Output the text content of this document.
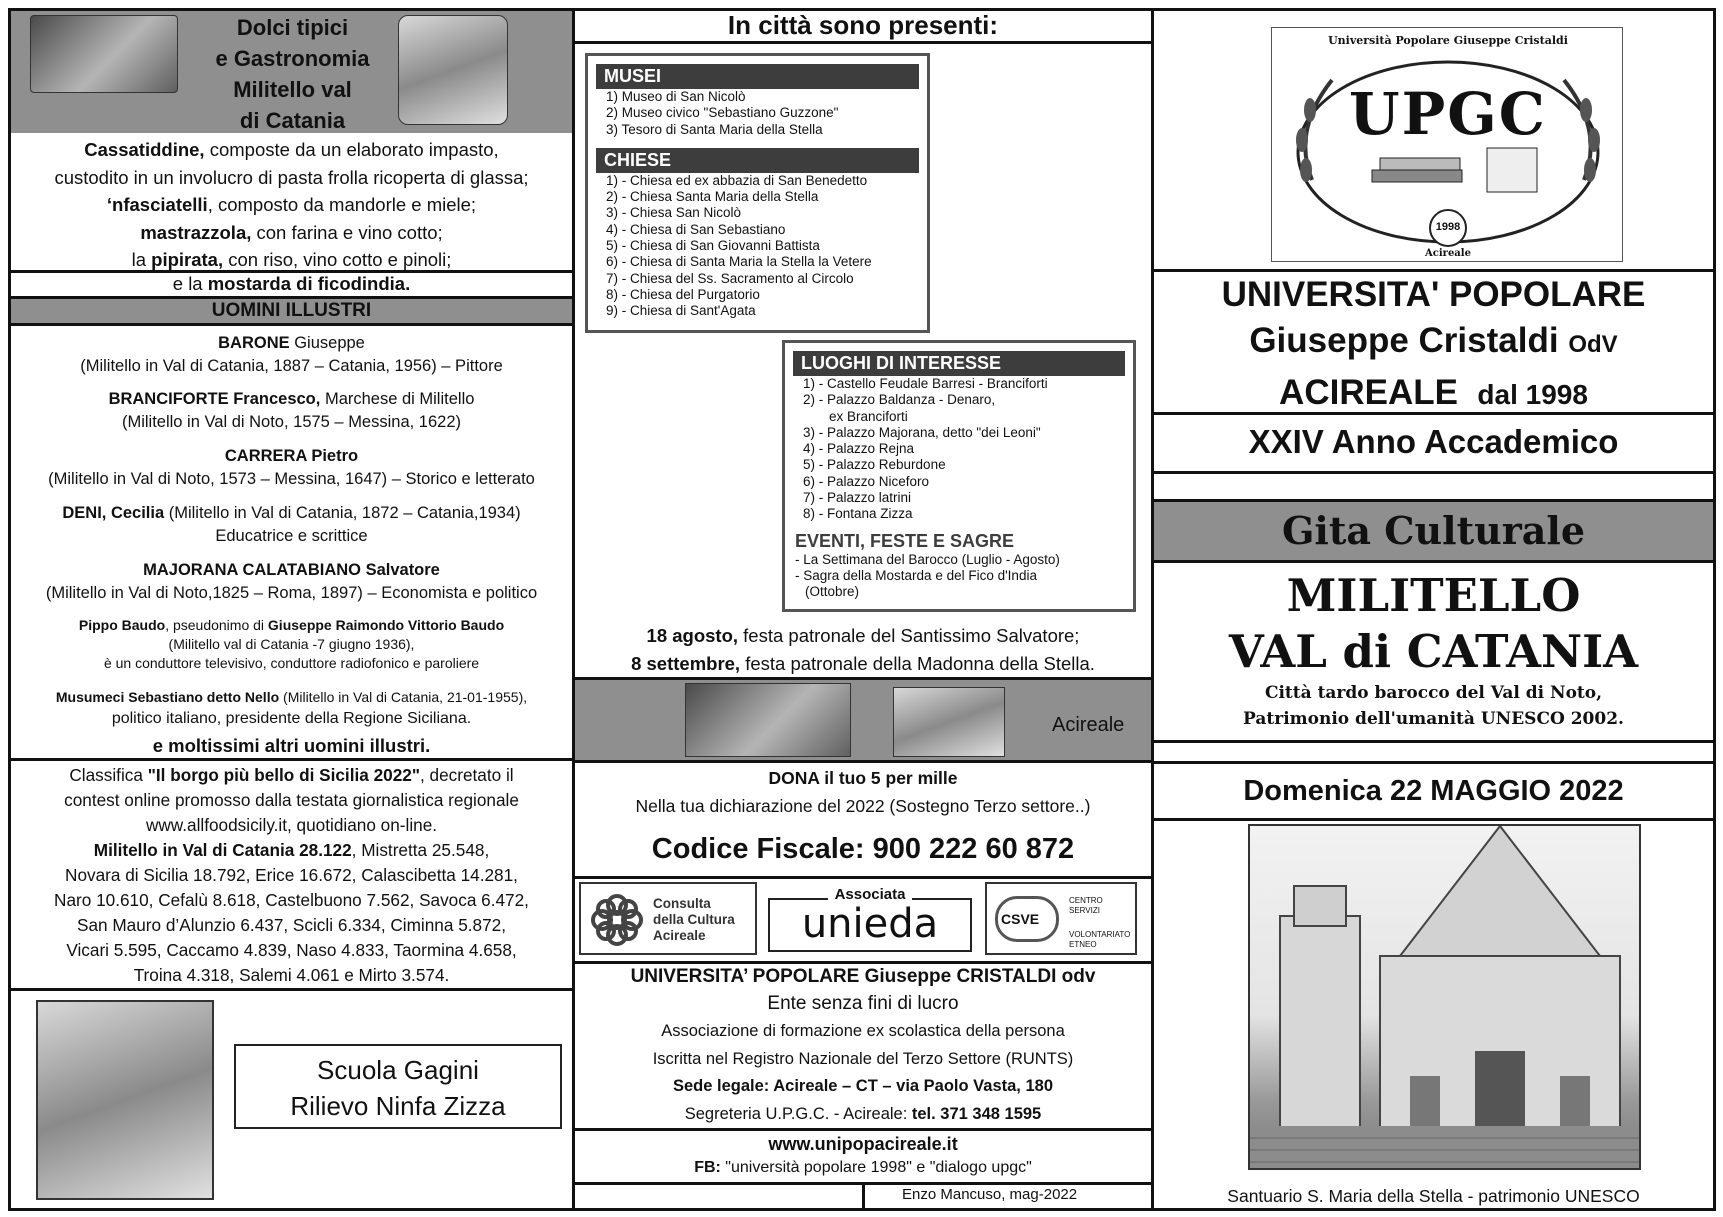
Dolci tipici
e Gastronomia
Militello val
di Catania
Cassatiddine, composte da un elaborato impasto,
custodito in un involucro di pasta frolla ricoperta di glassa;
‘nfasciatelli, composto da mandorle e miele;
mastrazzola, con farina e vino cotto;
la pipirata, con riso, vino cotto e pinoli;
e la mostarda di ficodindia.
UOMINI ILLUSTRI

BARONE Giuseppe

(Militello in Val di Catania, 1887 – Catania, 1956) – Pittore

BRANCIFORTE Francesco, Marchese di Militello

(Militello in Val di Noto, 1575 – Messina, 1622)

CARRERA Pietro

(Militello in Val di Noto, 1573 – Messina, 1647) – Storico e letterato

DENI, Cecilia (Militello in Val di Catania, 1872 – Catania,1934)

Educatrice e scrittice

MAJORANA CALATABIANO Salvatore

(Militello in Val di Noto,1825 – Roma, 1897) – Economista e politico

Pippo Baudo, pseudonimo di Giuseppe Raimondo Vittorio Baudo
(Militello val di Catania -7 giugno 1936),
è un conduttore televisivo, conduttore radiofonico e paroliere
Musumeci Sebastiano detto Nello (Militello in Val di Catania, 21-01-1955),
politico italiano, presidente della Regione Siciliana.
e moltissimi altri uomini illustri.
Classifica "Il borgo più bello di Sicilia 2022", decretato il
contest online promosso dalla testata giornalistica regionale
www.allfoodsicily.it, quotidiano on-line.
Militello in Val di Catania 28.122, Mistretta 25.548,
Novara di Sicilia 18.792, Erice 16.672, Calascibetta 14.281,
Naro 10.610, Cefalù 8.618, Castelbuono 7.562, Savoca 6.472,
San Mauro d’Alunzio 6.437, Scicli 6.334, Ciminna 5.872,
Vicari 5.595, Caccamo 4.839, Naso 4.833, Taormina 4.658,
Troina 4.318, Salemi 4.061 e Mirto 3.574.
Scuola Gagini
Rilievo Ninfa Zizza
In città sono presenti:
MUSEI
1) Museo di San Nicolò
2) Museo civico "Sebastiano Guzzone"
3) Tesoro di Santa Maria della Stella
CHIESE
1) - Chiesa ed ex abbazia di San Benedetto
2) - Chiesa Santa Maria della Stella
3) - Chiesa San Nicolò
4) - Chiesa di San Sebastiano
5) - Chiesa di San Giovanni Battista
6) - Chiesa di Santa Maria la Stella la Vetere
7) - Chiesa del Ss. Sacramento al Circolo
8) - Chiesa del Purgatorio
9) - Chiesa di Sant'Agata
LUOGHI DI INTERESSE
1) - Castello Feudale Barresi - Branciforti
2) - Palazzo Baldanza - Denaro,
ex Branciforti
3) - Palazzo Majorana, detto "dei Leoni"
4) - Palazzo Rejna
5) - Palazzo Reburdone
6) - Palazzo Niceforo
7) - Palazzo latrini
8) - Fontana Zizza
EVENTI, FESTE E SAGRE
- La Settimana del Barocco (Luglio - Agosto)
- Sagra della Mostarda e del Fico d'India
(Ottobre)
18 agosto, festa patronale del Santissimo Salvatore;
8 settembre, festa patronale della Madonna della Stella.
Acireale
DONA il tuo 5 per mille
Nella tua dichiarazione del 2022 (Sostegno Terzo settore..)
Codice Fiscale: 900 222 60 872
Consulta
della Cultura
Acireale
Associata
unieda	CSVE
CENTRO
SERVIZI
VOLONTARIATO
ETNEO
UNIVERSITA’ POPOLARE Giuseppe CRISTALDI odv
Ente senza fini di lucro
Associazione di formazione ex scolastica della persona
Iscritta nel Registro Nazionale del Terzo Settore (RUNTS)
Sede legale: Acireale – CT – via Paolo Vasta, 180
Segreteria U.P.G.C. - Acireale: tel. 371 348 1595
www.unipopacireale.it
FB: "università popolare 1998" e "dialogo upgc"
Enzo Mancuso, mag-2022
Università Popolare Giuseppe Cristaldi
UPGC
1998
Acireale
UNIVERSITA' POPOLARE
Giuseppe Cristaldi OdV
ACIREALE dal 1998
XXIV Anno Accademico
Gita Culturale
MILITELLO
VAL di CATANIA
Città tardo barocco del Val di Noto,
Patrimonio dell'umanità UNESCO 2002.
Domenica 22 MAGGIO 2022
Santuario S. Maria della Stella - patrimonio UNESCO
